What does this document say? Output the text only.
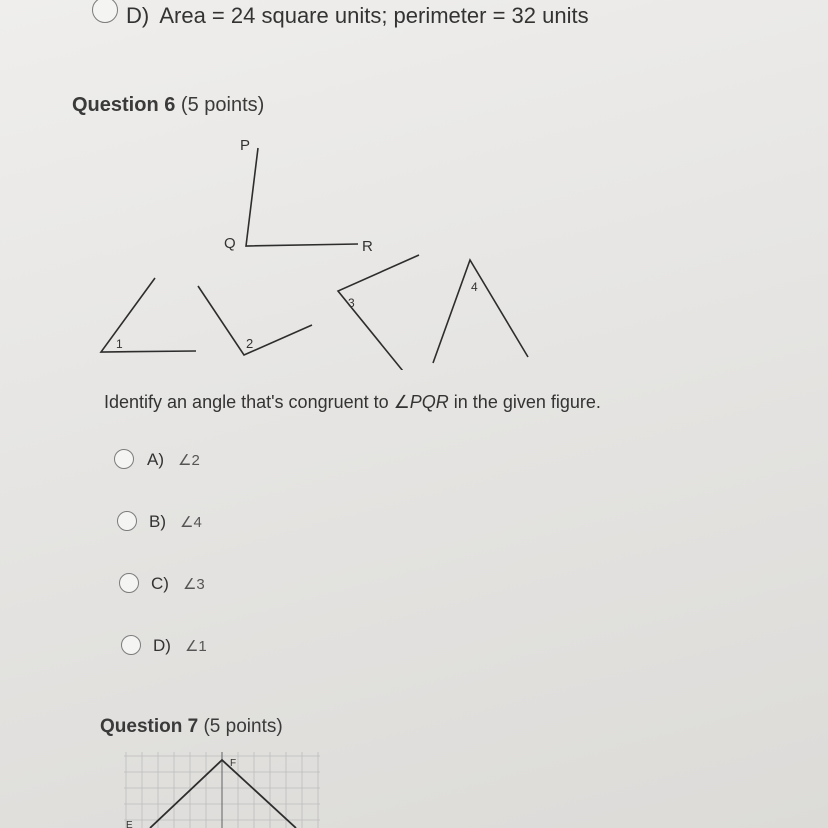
D) Area = 24 square units; perimeter = 32 units
Question 6 (5 points)
P
Q	R
1	2
3
4
Identify an angle that's congruent to ∠PQR in the given figure.
A) ∠2
B) ∠4
C) ∠3
D) ∠1
Question 7 (5 points)
F
E
